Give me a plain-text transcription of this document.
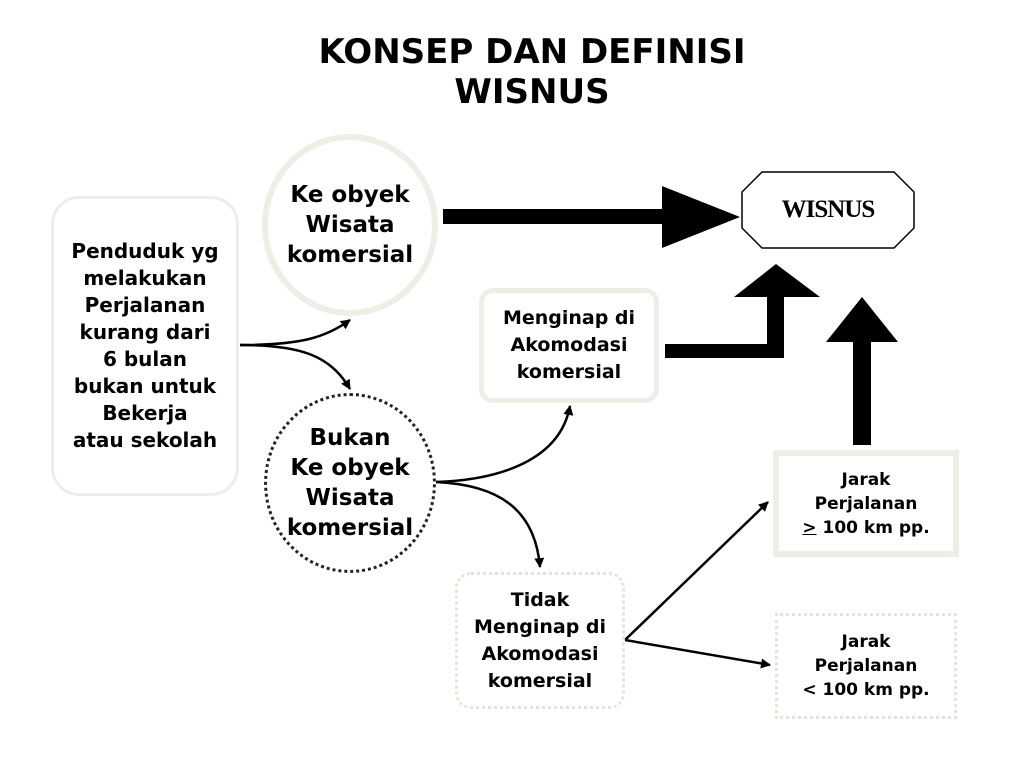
KONSEP DAN DEFINISI
WISNUS
Penduduk yg
melakukan
Perjalanan
kurang dari
6 bulan
bukan untuk
Bekerja
atau sekolah
Ke obyek
Wisata
komersial
Bukan
Ke obyek
Wisata
komersial
Menginap di
Akomodasi
komersial
Tidak
Menginap di
Akomodasi
komersial
WISNUS
Jarak
Perjalanan
≥ 100 km pp.
Jarak
Perjalanan
< 100 km pp.
